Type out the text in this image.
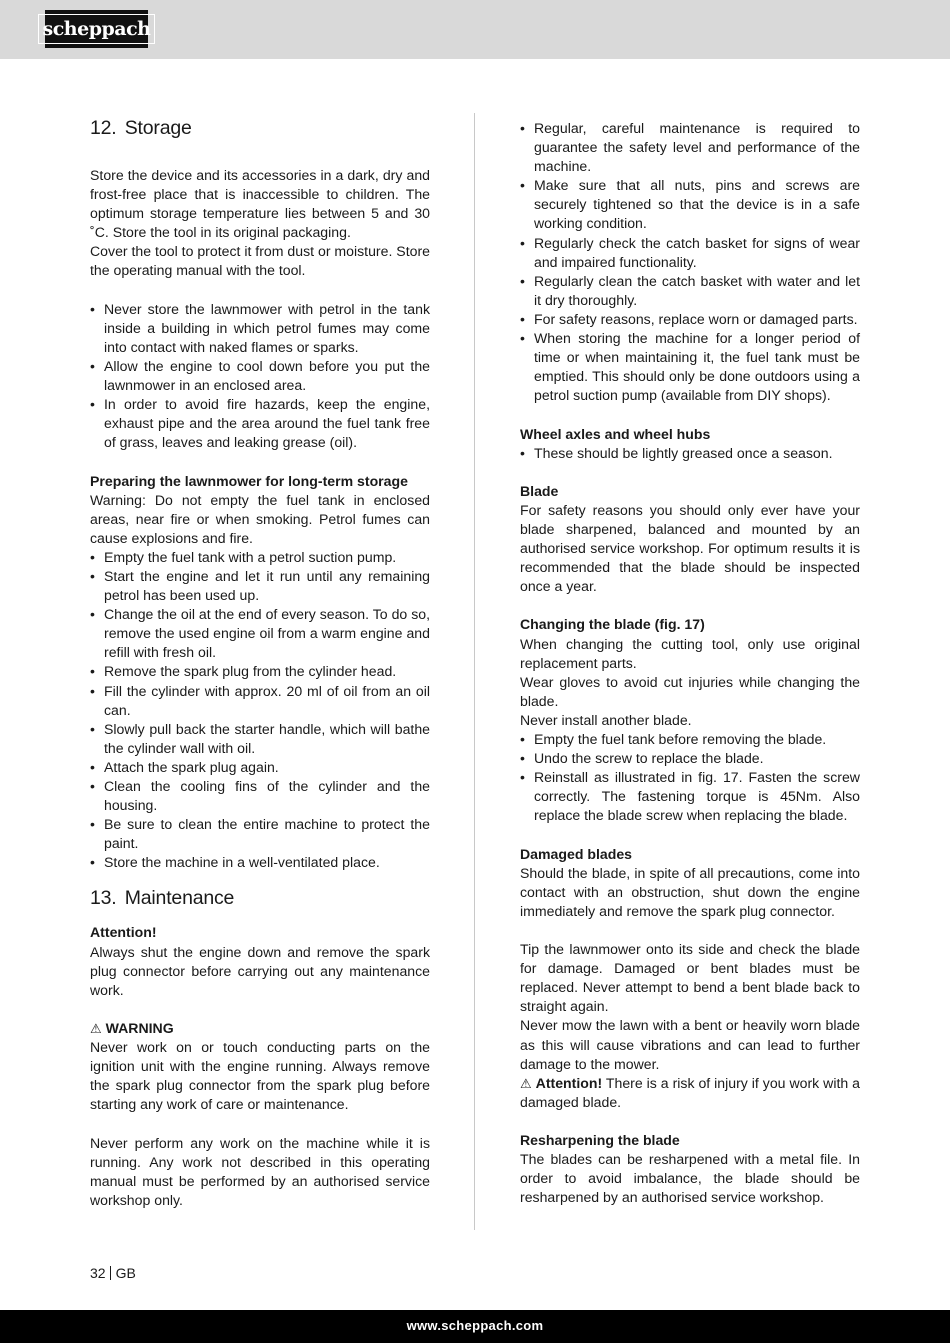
scheppach
12. Storage

Store the device and its accessories in a dark, dry and frost-free place that is inaccessible to children. The optimum storage temperature lies between 5 and 30 ˚C. Store the tool in its original packaging.

Cover the tool to protect it from dust or moisture. Store the operating manual with the tool.

• Never store the lawnmower with petrol in the tank inside a building in which petrol fumes may come into contact with naked flames or sparks.
• Allow the engine to cool down before you put the lawnmower in an enclosed area.
• In order to avoid fire hazards, keep the engine, exhaust pipe and the area around the fuel tank free of grass, leaves and leaking grease (oil).

Preparing the lawnmower for long-term storage

Warning: Do not empty the fuel tank in enclosed areas, near fire or when smoking. Petrol fumes can cause explosions and fire.

• Empty the fuel tank with a petrol suction pump.
• Start the engine and let it run until any remaining petrol has been used up.
• Change the oil at the end of every season. To do so, remove the used engine oil from a warm engine and refill with fresh oil.
• Remove the spark plug from the cylinder head.
• Fill the cylinder with approx. 20 ml of oil from an oil can.
• Slowly pull back the starter handle, which will bathe the cylinder wall with oil.
• Attach the spark plug again.
• Clean the cooling fins of the cylinder and the housing.
• Be sure to clean the entire machine to protect the paint.
• Store the machine in a well-ventilated place.
13. Maintenance

Attention!

Always shut the engine down and remove the spark plug connector before carrying out any maintenance work.

⚠ WARNING

Never work on or touch conducting parts on the ignition unit with the engine running. Always remove the spark plug connector from the spark plug before starting any work of care or maintenance.

Never perform any work on the machine while it is running. Any work not described in this operating manual must be performed by an authorised service workshop only.

• Regular, careful maintenance is required to guarantee the safety level and performance of the machine.
• Make sure that all nuts, pins and screws are securely tightened so that the device is in a safe working condition.
• Regularly check the catch basket for signs of wear and impaired functionality.
• Regularly clean the catch basket with water and let it dry thoroughly.
• For safety reasons, replace worn or damaged parts.
• When storing the machine for a longer period of time or when maintaining it, the fuel tank must be emptied. This should only be done outdoors using a petrol suction pump (available from DIY shops).

Wheel axles and wheel hubs

• These should be lightly greased once a season.

Blade

For safety reasons you should only ever have your blade sharpened, balanced and mounted by an authorised service workshop. For optimum results it is recommended that the blade should be inspected once a year.

Changing the blade (fig. 17)

When changing the cutting tool, only use original replacement parts.

Wear gloves to avoid cut injuries while changing the blade.

Never install another blade.

• Empty the fuel tank before removing the blade.
• Undo the screw to replace the blade.
• Reinstall as illustrated in fig. 17. Fasten the screw correctly. The fastening torque is 45Nm. Also replace the blade screw when replacing the blade.

Damaged blades

Should the blade, in spite of all precautions, come into contact with an obstruction, shut down the engine immediately and remove the spark plug connector.

Tip the lawnmower onto its side and check the blade for damage. Damaged or bent blades must be replaced. Never attempt to bend a bent blade back to straight again.

Never mow the lawn with a bent or heavily worn blade as this will cause vibrations and can lead to further damage to the mower.

⚠ Attention! There is a risk of injury if you work with a damaged blade.

Resharpening the blade

The blades can be resharpened with a metal file. In order to avoid imbalance, the blade should be resharpened by an authorised service workshop.

32 GB
www.scheppach.com
